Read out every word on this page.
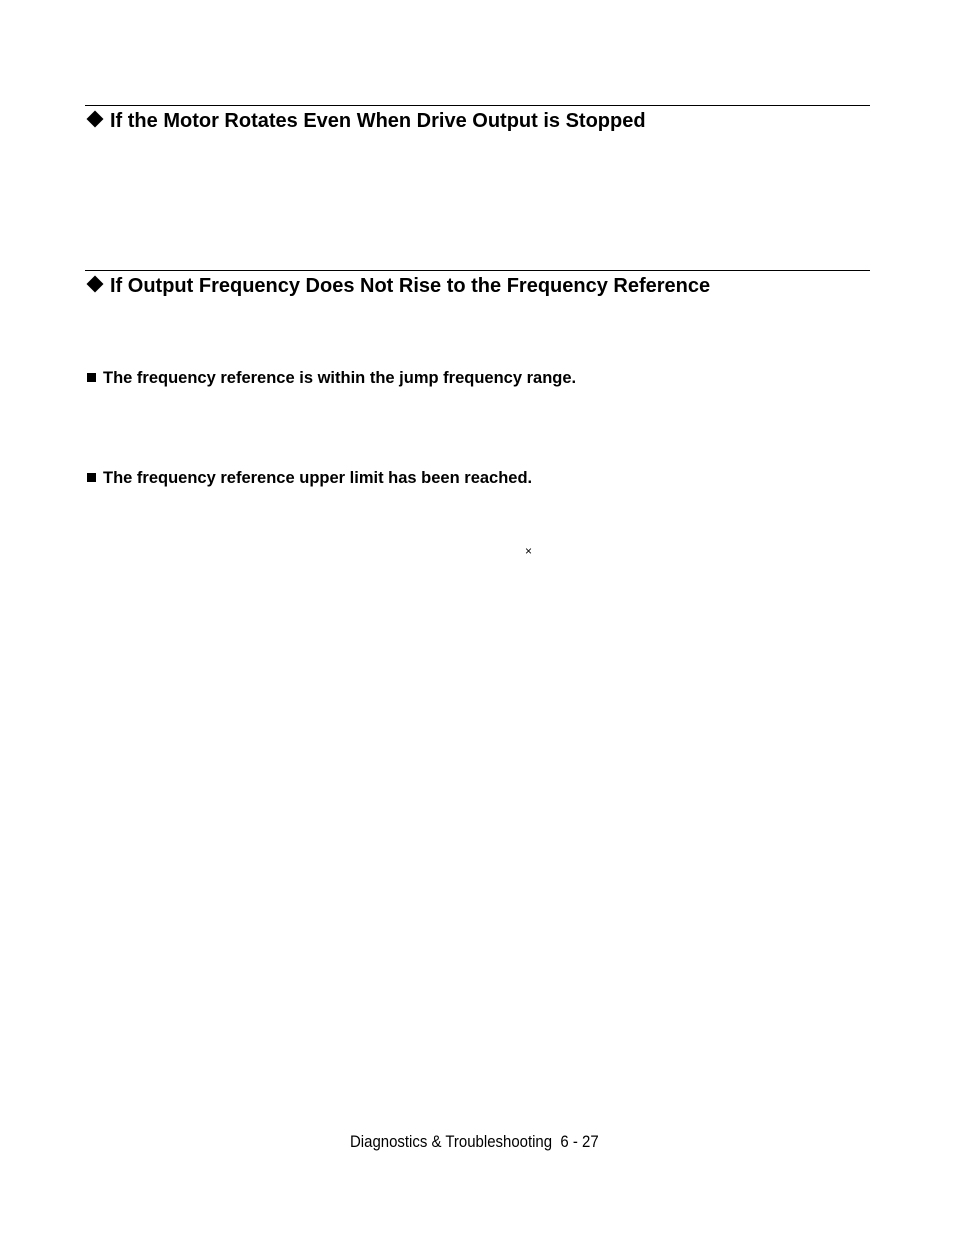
If the Motor Rotates Even When Drive Output is Stopped
If Output Frequency Does Not Rise to the Frequency Reference
The frequency reference is within the jump frequency range.
The frequency reference upper limit has been reached.
×
Diagnostics & Troubleshooting 6 - 27
